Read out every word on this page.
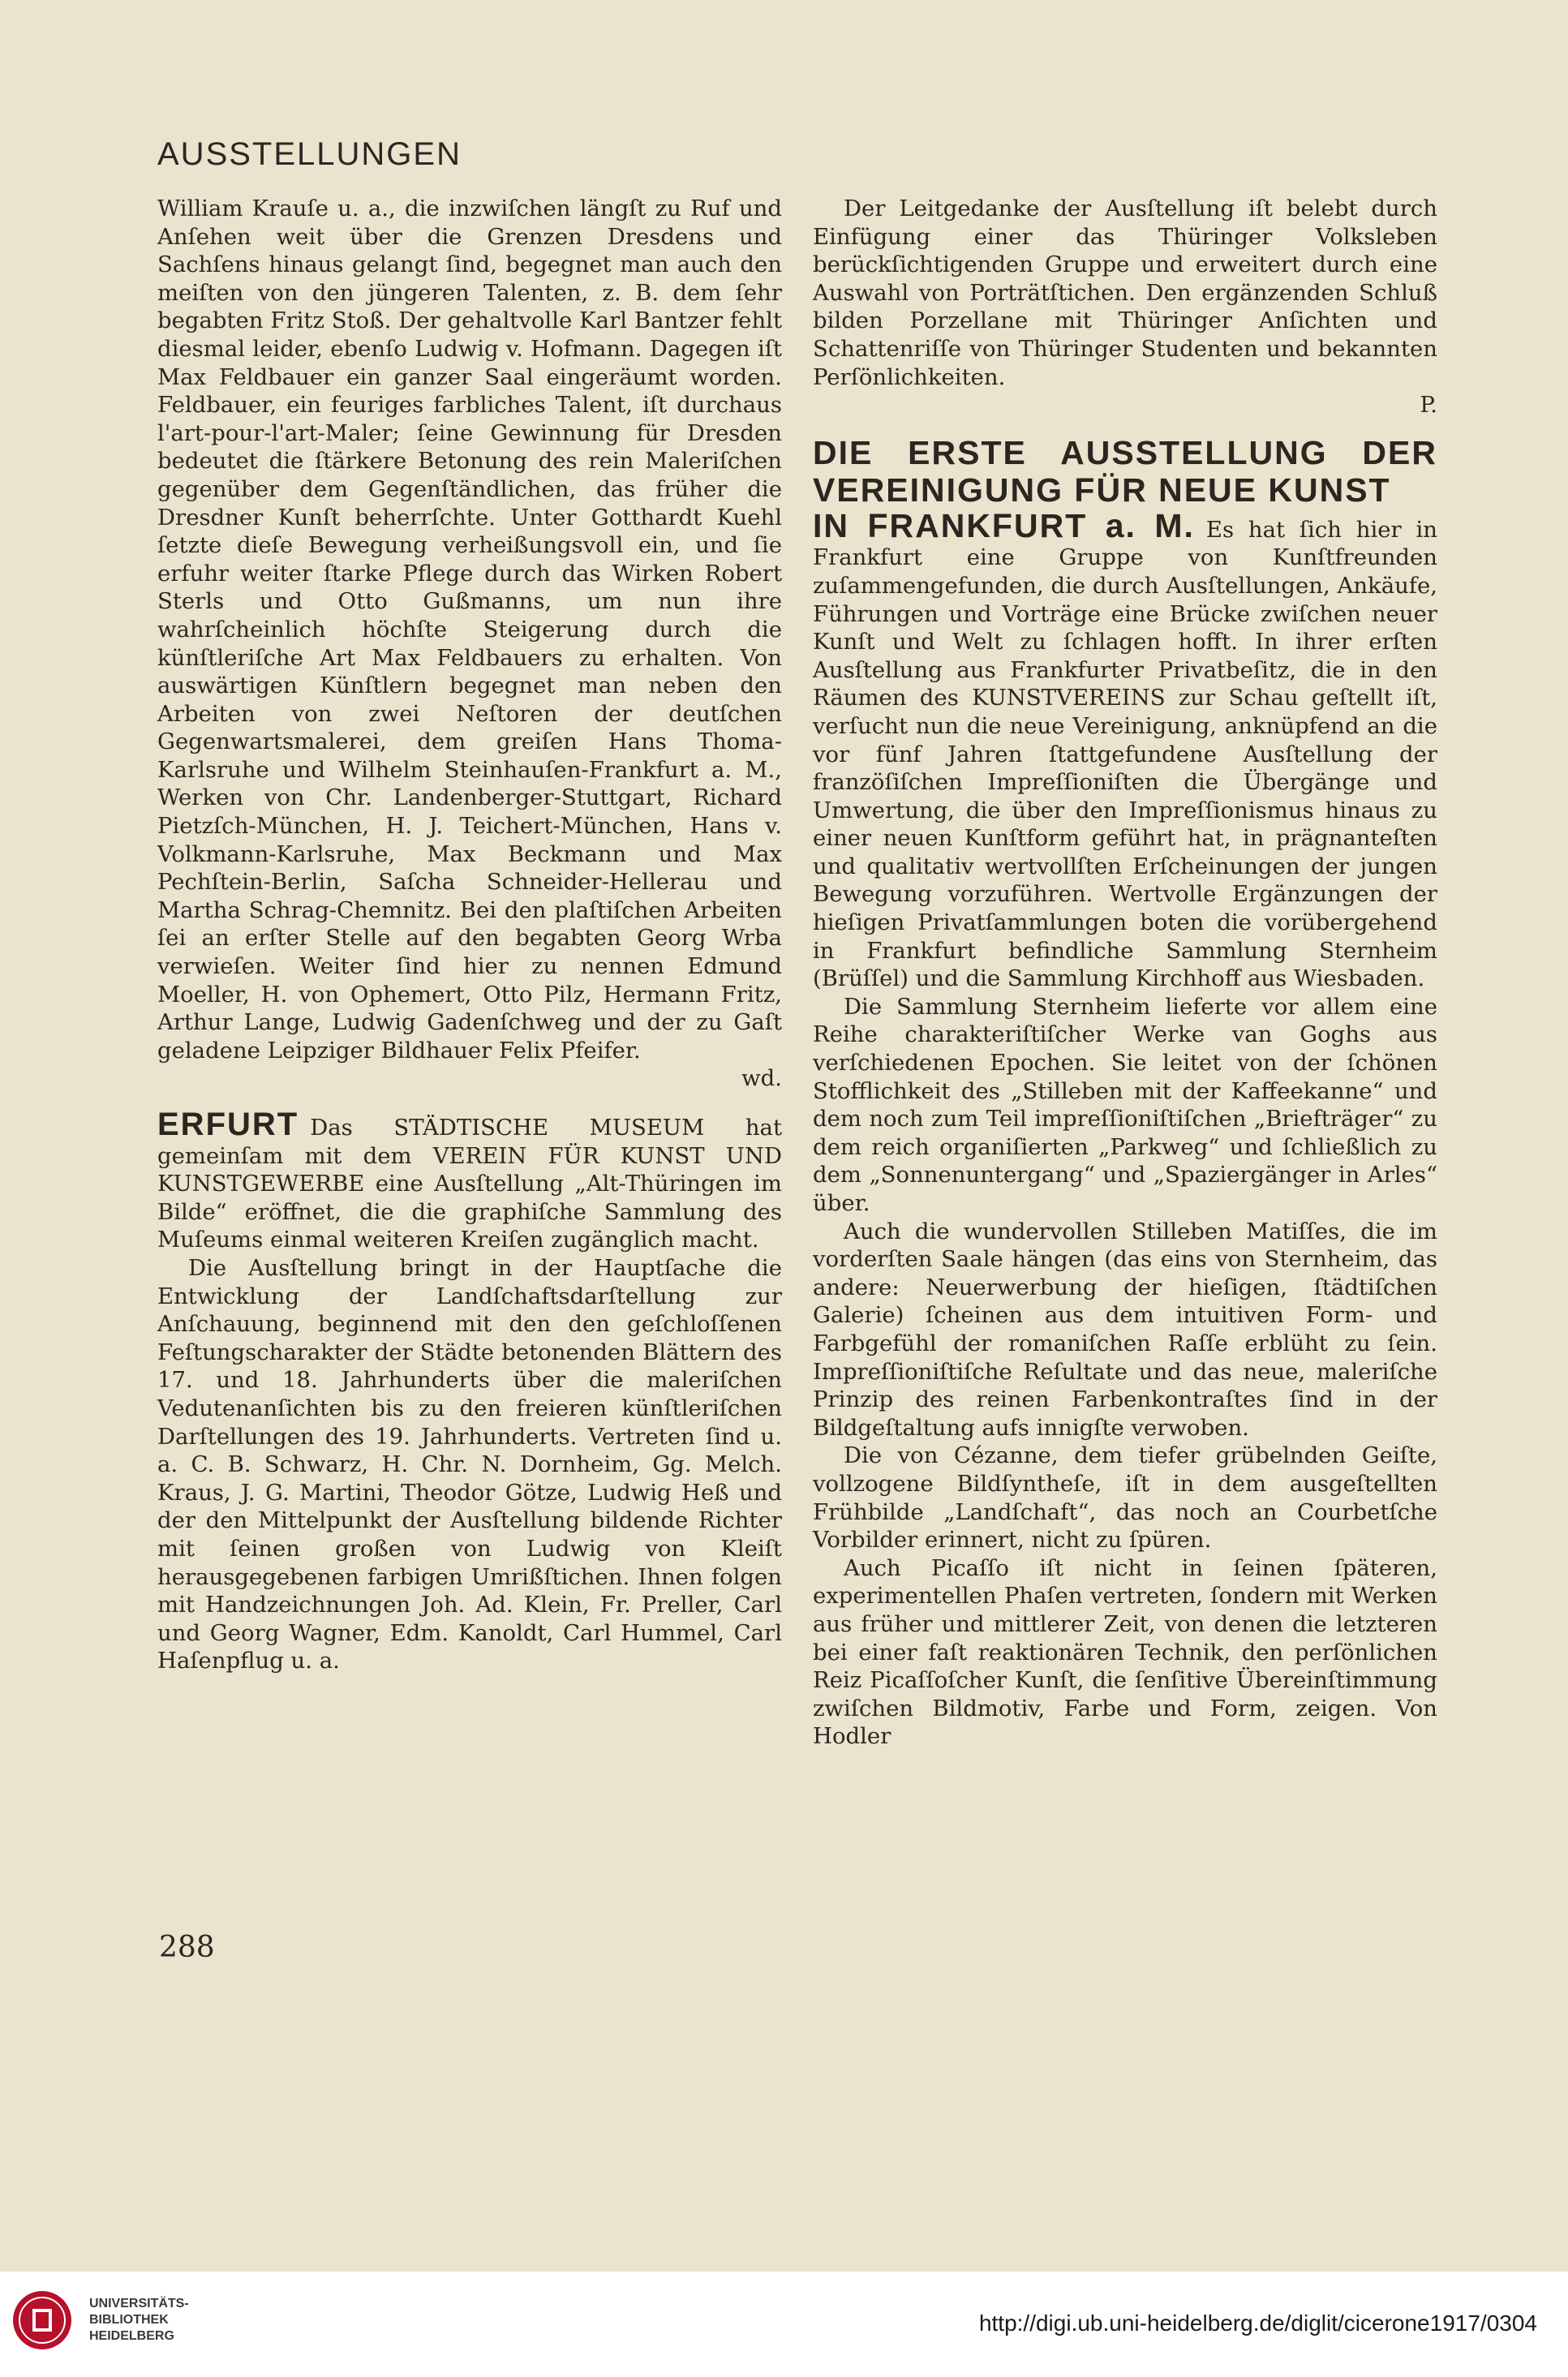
AUSSTELLUNGEN

William Krauſe u. a., die inzwiſchen längſt zu Ruf und Anſehen weit über die Grenzen Dresdens und Sachſens hinaus gelangt ſind, begegnet man auch den meiſten von den jüngeren Talenten, z. B. dem ſehr begabten Fritz Stoß. Der gehaltvolle Karl Bantzer fehlt diesmal leider, ebenſo Ludwig v. Hofmann. Dagegen iſt Max Feldbauer ein ganzer Saal eingeräumt worden. Feldbauer, ein feuriges farbliches Talent, iſt durchaus l'art-pour-l'art-Maler; ſeine Gewinnung für Dresden bedeutet die ſtärkere Betonung des rein Maleriſchen gegenüber dem Gegenſtändlichen, das früher die Dresdner Kunſt beherrſchte. Unter Gotthardt Kuehl ſetzte dieſe Bewegung verheißungsvoll ein, und ſie erfuhr weiter ſtarke Pflege durch das Wirken Robert Sterls und Otto Gußmanns, um nun ihre wahrſcheinlich höchſte Steigerung durch die künſtleriſche Art Max Feldbauers zu erhalten. Von auswärtigen Künſtlern begegnet man neben den Arbeiten von zwei Neſtoren der deutſchen Gegenwartsmalerei, dem greiſen Hans Thoma-Karlsruhe und Wilhelm Steinhauſen-Frankfurt a. M., Werken von Chr. Landenberger-Stuttgart, Richard Pietzſch-München, H. J. Teichert-München, Hans v. Volkmann-Karlsruhe, Max Beckmann und Max Pechſtein-Berlin, Saſcha Schneider-Hellerau und Martha Schrag-Chemnitz. Bei den plaſtiſchen Arbeiten ſei an erſter Stelle auf den begabten Georg Wrba verwieſen. Weiter ſind hier zu nennen Edmund Moeller, H. von Ophemert, Otto Pilz, Hermann Fritz, Arthur Lange, Ludwig Gadenſchweg und der zu Gaſt geladene Leipziger Bildhauer Felix Pfeifer.
wd.

ERFURT Das STÄDTISCHE MUSEUM hat gemeinſam mit dem VEREIN FÜR KUNST UND KUNSTGEWERBE eine Ausſtellung „Alt-Thüringen im Bilde“ eröffnet, die die graphiſche Sammlung des Muſeums einmal weiteren Kreiſen zugänglich macht.

Die Ausſtellung bringt in der Hauptſache die Entwicklung der Landſchaftsdarſtellung zur Anſchauung, beginnend mit den den geſchloſſenen Feſtungscharakter der Städte betonenden Blättern des 17. und 18. Jahrhunderts über die maleriſchen Vedutenanſichten bis zu den freieren künſtleriſchen Darſtellungen des 19. Jahrhunderts. Vertreten ſind u. a. C. B. Schwarz, H. Chr. N. Dornheim, Gg. Melch. Kraus, J. G. Martini, Theodor Götze, Ludwig Heß und der den Mittelpunkt der Ausſtellung bildende Richter mit ſeinen großen von Ludwig von Kleiſt herausgegebenen farbigen Umrißſtichen. Ihnen folgen mit Handzeichnungen Joh. Ad. Klein, Fr. Preller, Carl und Georg Wagner, Edm. Kanoldt, Carl Hummel, Carl Haſenpflug u. a.

Der Leitgedanke der Ausſtellung iſt belebt durch Einfügung einer das Thüringer Volksleben berückſichtigenden Gruppe und erweitert durch eine Auswahl von Porträtſtichen. Den ergänzenden Schluß bilden Porzellane mit Thüringer Anſichten und Schattenriſſe von Thüringer Studenten und bekannten Perſönlichkeiten.
P.

DIE ERSTE AUSSTELLUNG DER VEREINIGUNG FÜR NEUE KUNST

IN FRANKFURT a. M. Es hat ſich hier in Frankfurt eine Gruppe von Kunſtfreunden zuſammengefunden, die durch Ausſtellungen, Ankäufe, Führungen und Vorträge eine Brücke zwiſchen neuer Kunſt und Welt zu ſchlagen hofft. In ihrer erſten Ausſtellung aus Frankfurter Privatbeſitz, die in den Räumen des KUNSTVEREINS zur Schau geſtellt iſt, verſucht nun die neue Vereinigung, anknüpfend an die vor fünf Jahren ſtattgefundene Ausſtellung der franzöſiſchen Impreſſioniſten die Übergänge und Umwertung, die über den Impreſſionismus hinaus zu einer neuen Kunſtform geführt hat, in prägnanteſten und qualitativ wertvollſten Erſcheinungen der jungen Bewegung vorzuführen. Wertvolle Ergänzungen der hieſigen Privatſammlungen boten die vorübergehend in Frankfurt befindliche Sammlung Sternheim (Brüſſel) und die Sammlung Kirchhoff aus Wiesbaden.

Die Sammlung Sternheim lieferte vor allem eine Reihe charakteriſtiſcher Werke van Goghs aus verſchiedenen Epochen. Sie leitet von der ſchönen Stofflichkeit des „Stilleben mit der Kaffeekanne“ und dem noch zum Teil impreſſioniſtiſchen „Briefträger“ zu dem reich organiſierten „Parkweg“ und ſchließlich zu dem „Sonnenuntergang“ und „Spaziergänger in Arles“ über.

Auch die wundervollen Stilleben Matiſſes, die im vorderſten Saale hängen (das eins von Sternheim, das andere: Neuerwerbung der hieſigen, ſtädtiſchen Galerie) ſcheinen aus dem intuitiven Form- und Farbgefühl der romaniſchen Raſſe erblüht zu ſein. Impreſſioniſtiſche Reſultate und das neue, maleriſche Prinzip des reinen Farbenkontraſtes ſind in der Bildgeſtaltung aufs innigſte verwoben.

Die von Cézanne, dem tiefer grübelnden Geiſte, vollzogene Bildſyntheſe, iſt in dem ausgeſtellten Frühbilde „Landſchaft“, das noch an Courbetſche Vorbilder erinnert, nicht zu ſpüren.

Auch Picaſſo iſt nicht in ſeinen ſpäteren, experimentellen Phaſen vertreten, ſondern mit Werken aus früher und mittlerer Zeit, von denen die letzteren bei einer faſt reaktionären Technik, den perſönlichen Reiz Picaſſoſcher Kunſt, die ſenſitive Übereinſtimmung zwiſchen Bildmotiv, Farbe und Form, zeigen. Von Hodler

288
UNIVERSITÄTS-
BIBLIOTHEK
HEIDELBERG
http://digi.ub.uni-heidelberg.de/diglit/cicerone1917/0304
